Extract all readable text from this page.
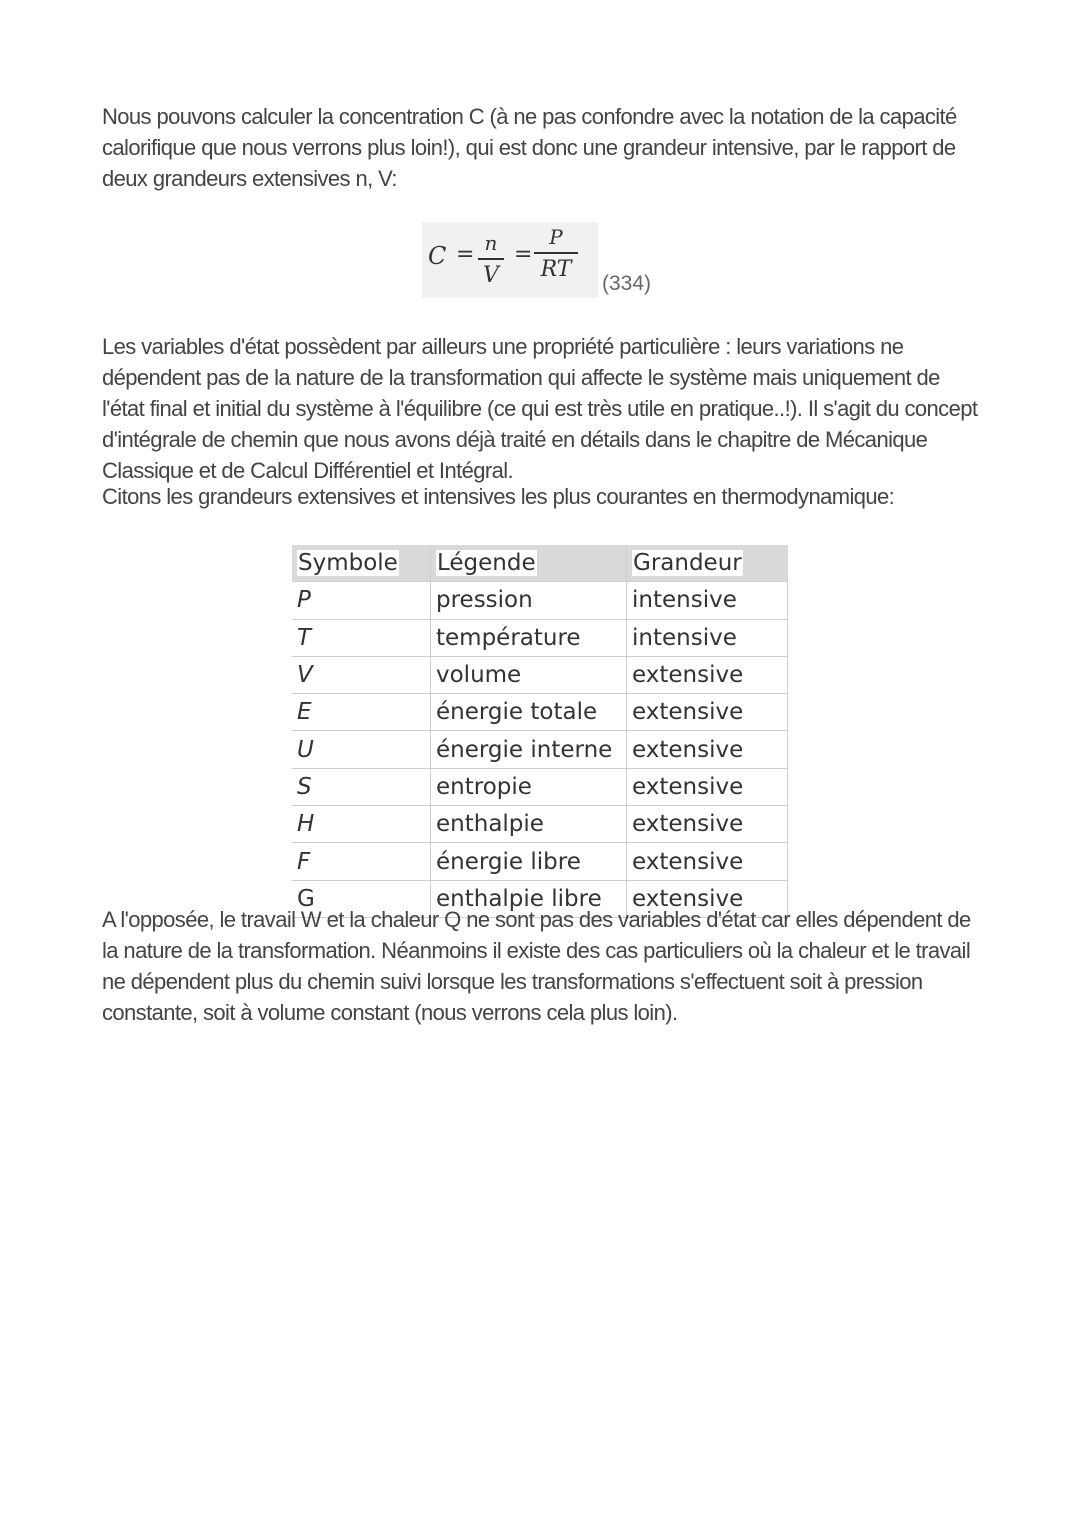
Nous pouvons calculer la concentration C (à ne pas confondre avec la notation de la capacité calorifique que nous verrons plus loin!), qui est donc une grandeur intensive, par le rapport de deux grandeurs extensives n, V:
C = n
V
=
P
RT
(334)
Les variables d'état possèdent par ailleurs une propriété particulière : leurs variations ne dépendent pas de la nature de la transformation qui affecte le système mais uniquement de l'état final et initial du système à l'équilibre (ce qui est très utile en pratique..!). Il s'agit du concept d'intégrale de chemin que nous avons déjà traité en détails dans le chapitre de Mécanique Classique et de Calcul Différentiel et Intégral.
Citons les grandeurs extensives et intensives les plus courantes en thermodynamique:
Symbole	Légende	Grandeur
P	pression	intensive
T	température	intensive
V	volume	extensive
E	énergie totale	extensive
U	énergie interne	extensive
S	entropie	extensive
H	enthalpie	extensive
F	énergie libre	extensive
G	enthalpie libre	extensive
A l'opposée, le travail W et la chaleur Q ne sont pas des variables d'état car elles dépendent de la nature de la transformation. Néanmoins il existe des cas particuliers où la chaleur et le travail ne dépendent plus du chemin suivi lorsque les transformations s'effectuent soit à pression constante, soit à volume constant (nous verrons cela plus loin).
